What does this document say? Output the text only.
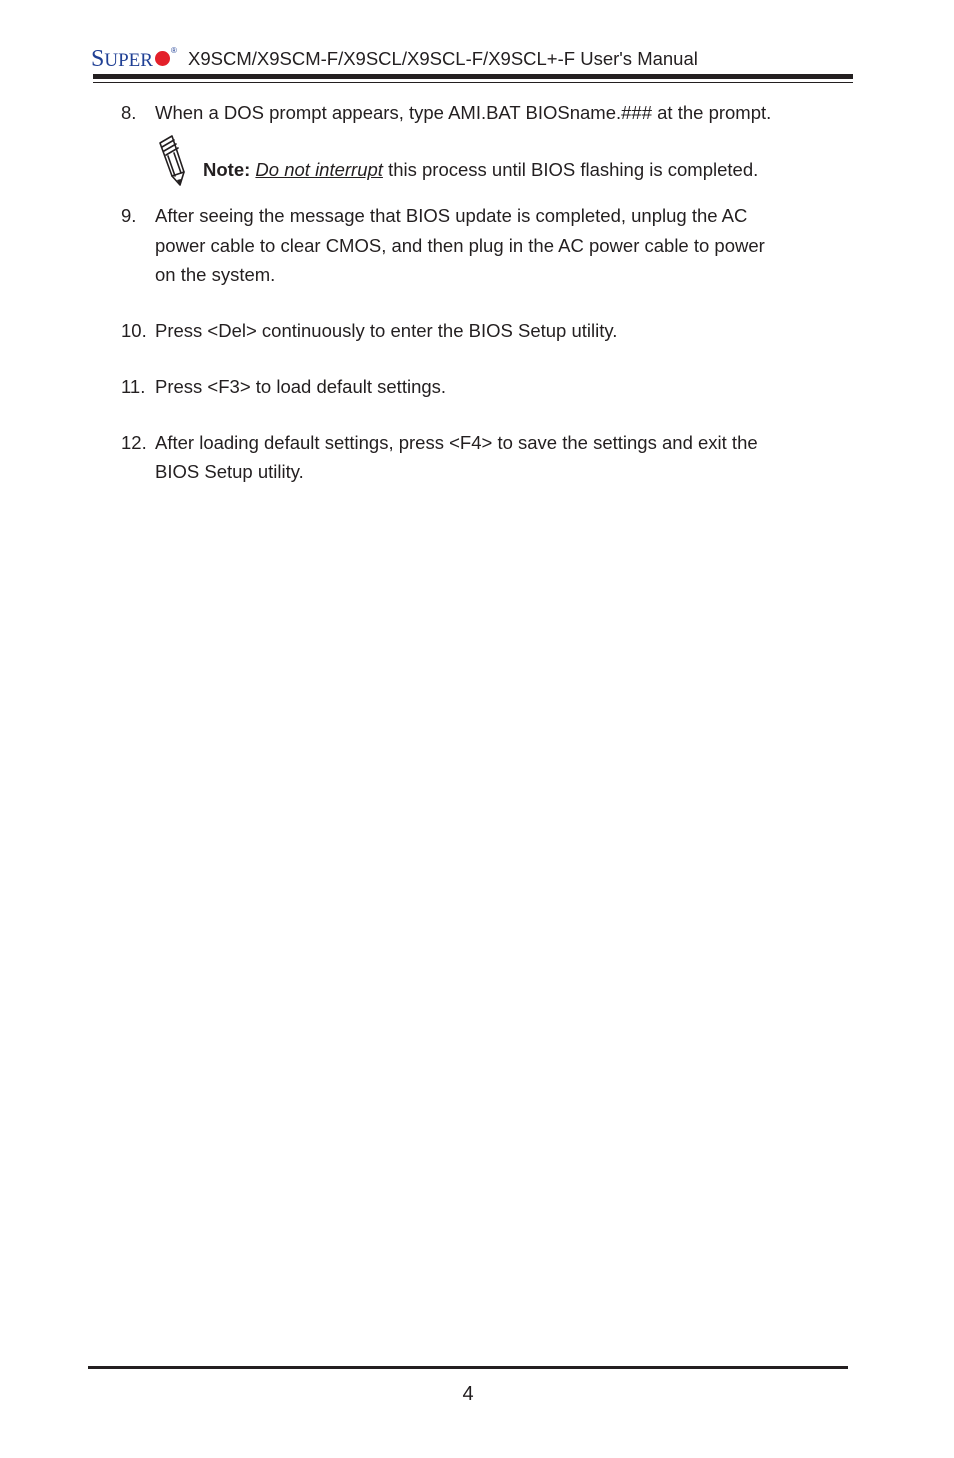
SUPER ® X9SCM/X9SCM-F/X9SCL/X9SCL-F/X9SCL+-F User's Manual
8. When a DOS prompt appears, type AMI.BAT BIOSname.### at the prompt.
Note: Do not interrupt this process until BIOS flashing is completed.
9. After seeing the message that BIOS update is completed, unplug the AC
power cable to clear CMOS, and then plug in the AC power cable to power
on the system.
10. Press <Del> continuously to enter the BIOS Setup utility.
11. Press <F3> to load default settings.
12. After loading default settings, press <F4> to save the settings and exit the
BIOS Setup utility.
4
